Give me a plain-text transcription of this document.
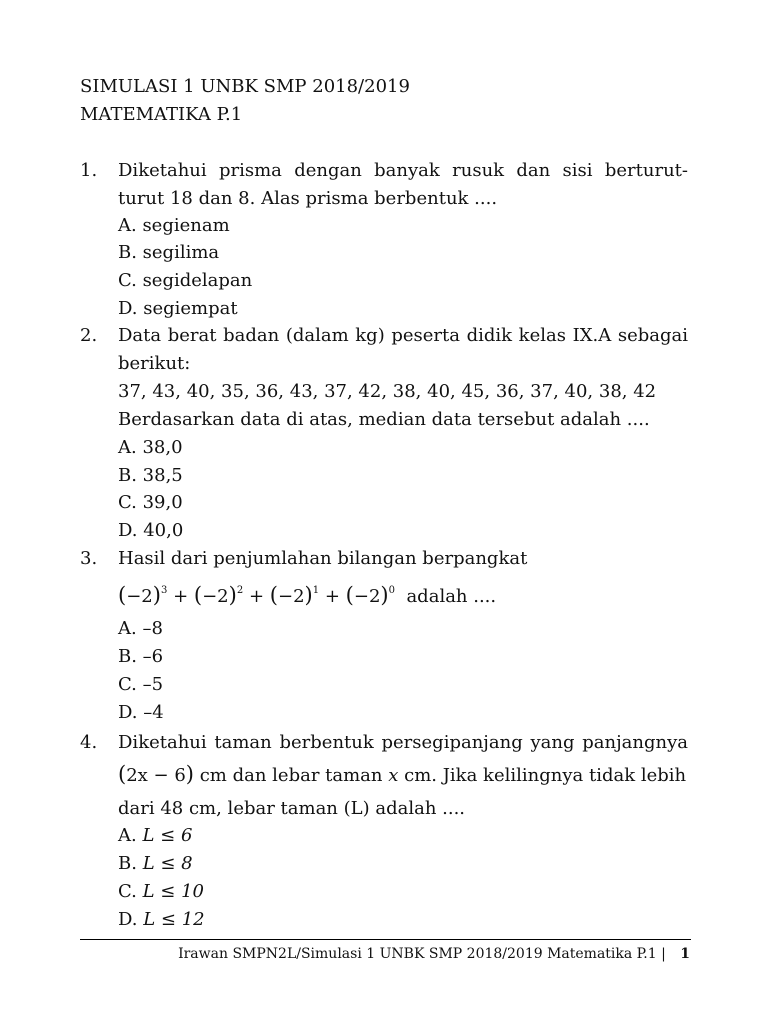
SIMULASI 1 UNBK SMP 2018/2019
MATEMATIKA P.1
1. Diketahui prisma dengan banyak rusuk dan sisi berturut-
turut 18 dan 8. Alas prisma berbentuk ....
A. segienam
B. segilima
C. segidelapan
D. segiempat
2. Data berat badan (dalam kg) peserta didik kelas IX.A sebagai
berikut:
37, 43, 40, 35, 36, 43, 37, 42, 38, 40, 45, 36, 37, 40, 38, 42
Berdasarkan data di atas, median data tersebut adalah ....
A. 38,0
B. 38,5
C. 39,0
D. 40,0
3. Hasil dari penjumlahan bilangan berpangkat
$(-2)^3 + (-2)^2 + (-2)^1 + (-2)^0$ adalah ....
A. –8
B. –6
C. –5
D. –4
4. Diketahui taman berbentuk persegipanjang yang panjangnya
(2x − 6) cm dan lebar taman x cm. Jika kelilingnya tidak lebih
dari 48 cm, lebar taman (L) adalah ....
A. L ≤ 6
B. L ≤ 8
C. L ≤ 10
D. L ≤ 12
Irawan SMPN2L/Simulasi 1 UNBK SMP 2018/2019 Matematika P.1 | 1
